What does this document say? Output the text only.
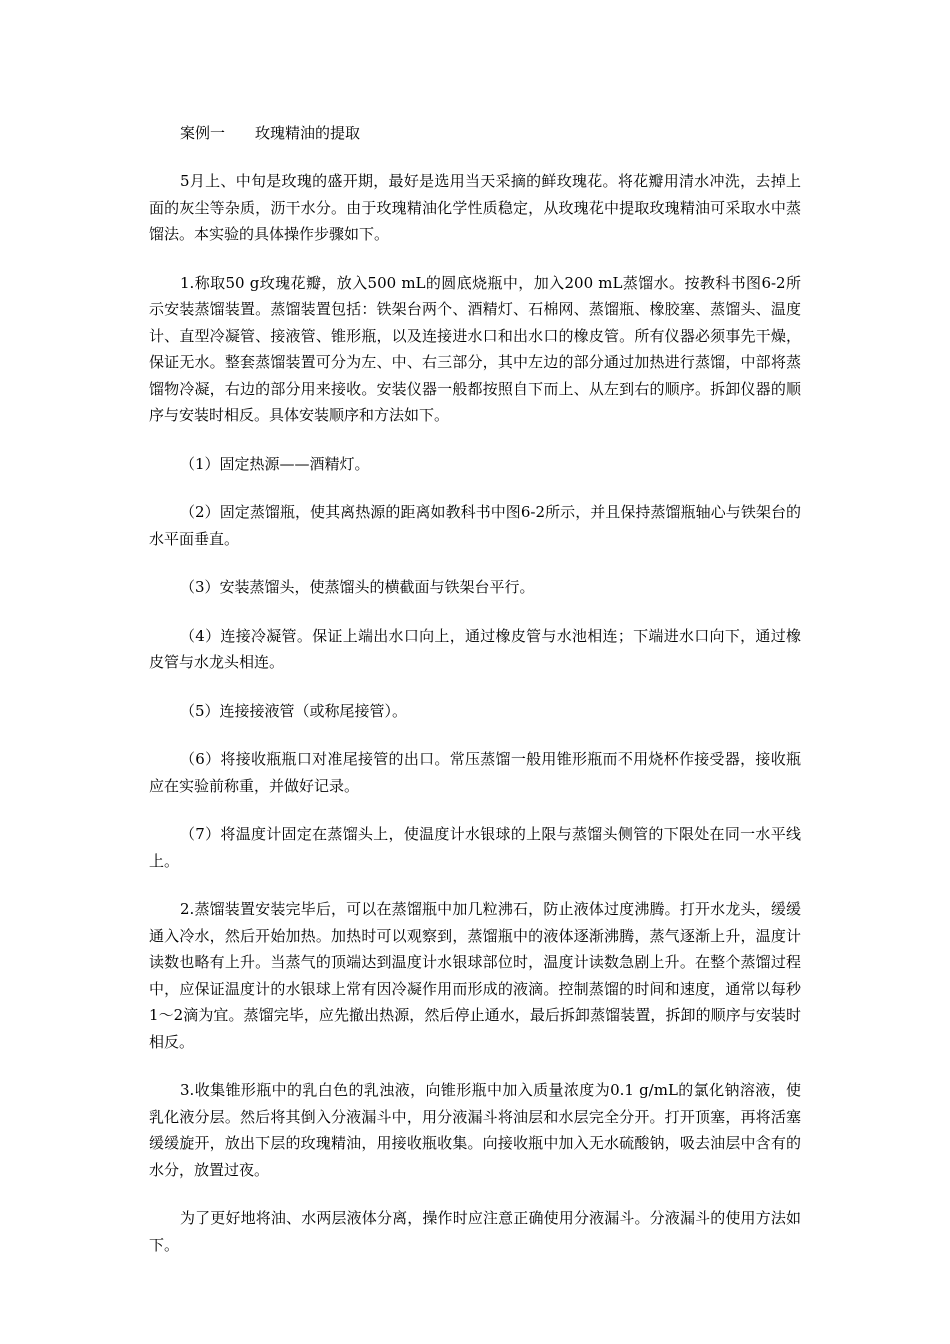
案例一　　玫瑰精油的提取

5月上、中旬是玫瑰的盛开期，最好是选用当天采摘的鲜玫瑰花。将花瓣用清水冲洗，去掉上面的灰尘等杂质，沥干水分。由于玫瑰精油化学性质稳定，从玫瑰花中提取玫瑰精油可采取水中蒸馏法。本实验的具体操作步骤如下。

1.称取50 g玫瑰花瓣，放入500 mL的圆底烧瓶中，加入200 mL蒸馏水。按教科书图6-2所示安装蒸馏装置。蒸馏装置包括：铁架台两个、酒精灯、石棉网、蒸馏瓶、橡胶塞、蒸馏头、温度计、直型冷凝管、接液管、锥形瓶，以及连接进水口和出水口的橡皮管。所有仪器必须事先干燥，保证无水。整套蒸馏装置可分为左、中、右三部分，其中左边的部分通过加热进行蒸馏，中部将蒸馏物冷凝，右边的部分用来接收。安装仪器一般都按照自下而上、从左到右的顺序。拆卸仪器的顺序与安装时相反。具体安装顺序和方法如下。

（1）固定热源——酒精灯。

（2）固定蒸馏瓶，使其离热源的距离如教科书中图6-2所示，并且保持蒸馏瓶轴心与铁架台的水平面垂直。

（3）安装蒸馏头，使蒸馏头的横截面与铁架台平行。

（4）连接冷凝管。保证上端出水口向上，通过橡皮管与水池相连；下端进水口向下，通过橡皮管与水龙头相连。

（5）连接接液管（或称尾接管）。

（6）将接收瓶瓶口对准尾接管的出口。常压蒸馏一般用锥形瓶而不用烧杯作接受器，接收瓶应在实验前称重，并做好记录。

（7）将温度计固定在蒸馏头上，使温度计水银球的上限与蒸馏头侧管的下限处在同一水平线上。

2.蒸馏装置安装完毕后，可以在蒸馏瓶中加几粒沸石，防止液体过度沸腾。打开水龙头，缓缓通入冷水，然后开始加热。加热时可以观察到，蒸馏瓶中的液体逐渐沸腾，蒸气逐渐上升，温度计读数也略有上升。当蒸气的顶端达到温度计水银球部位时，温度计读数急剧上升。在整个蒸馏过程中，应保证温度计的水银球上常有因冷凝作用而形成的液滴。控制蒸馏的时间和速度，通常以每秒1～2滴为宜。蒸馏完毕，应先撤出热源，然后停止通水，最后拆卸蒸馏装置，拆卸的顺序与安装时相反。

3.收集锥形瓶中的乳白色的乳浊液，向锥形瓶中加入质量浓度为0.1 g/mL的氯化钠溶液，使乳化液分层。然后将其倒入分液漏斗中，用分液漏斗将油层和水层完全分开。打开顶塞，再将活塞缓缓旋开，放出下层的玫瑰精油，用接收瓶收集。向接收瓶中加入无水硫酸钠，吸去油层中含有的水分，放置过夜。

为了更好地将油、水两层液体分离，操作时应注意正确使用分液漏斗。分液漏斗的使用方法如下。
